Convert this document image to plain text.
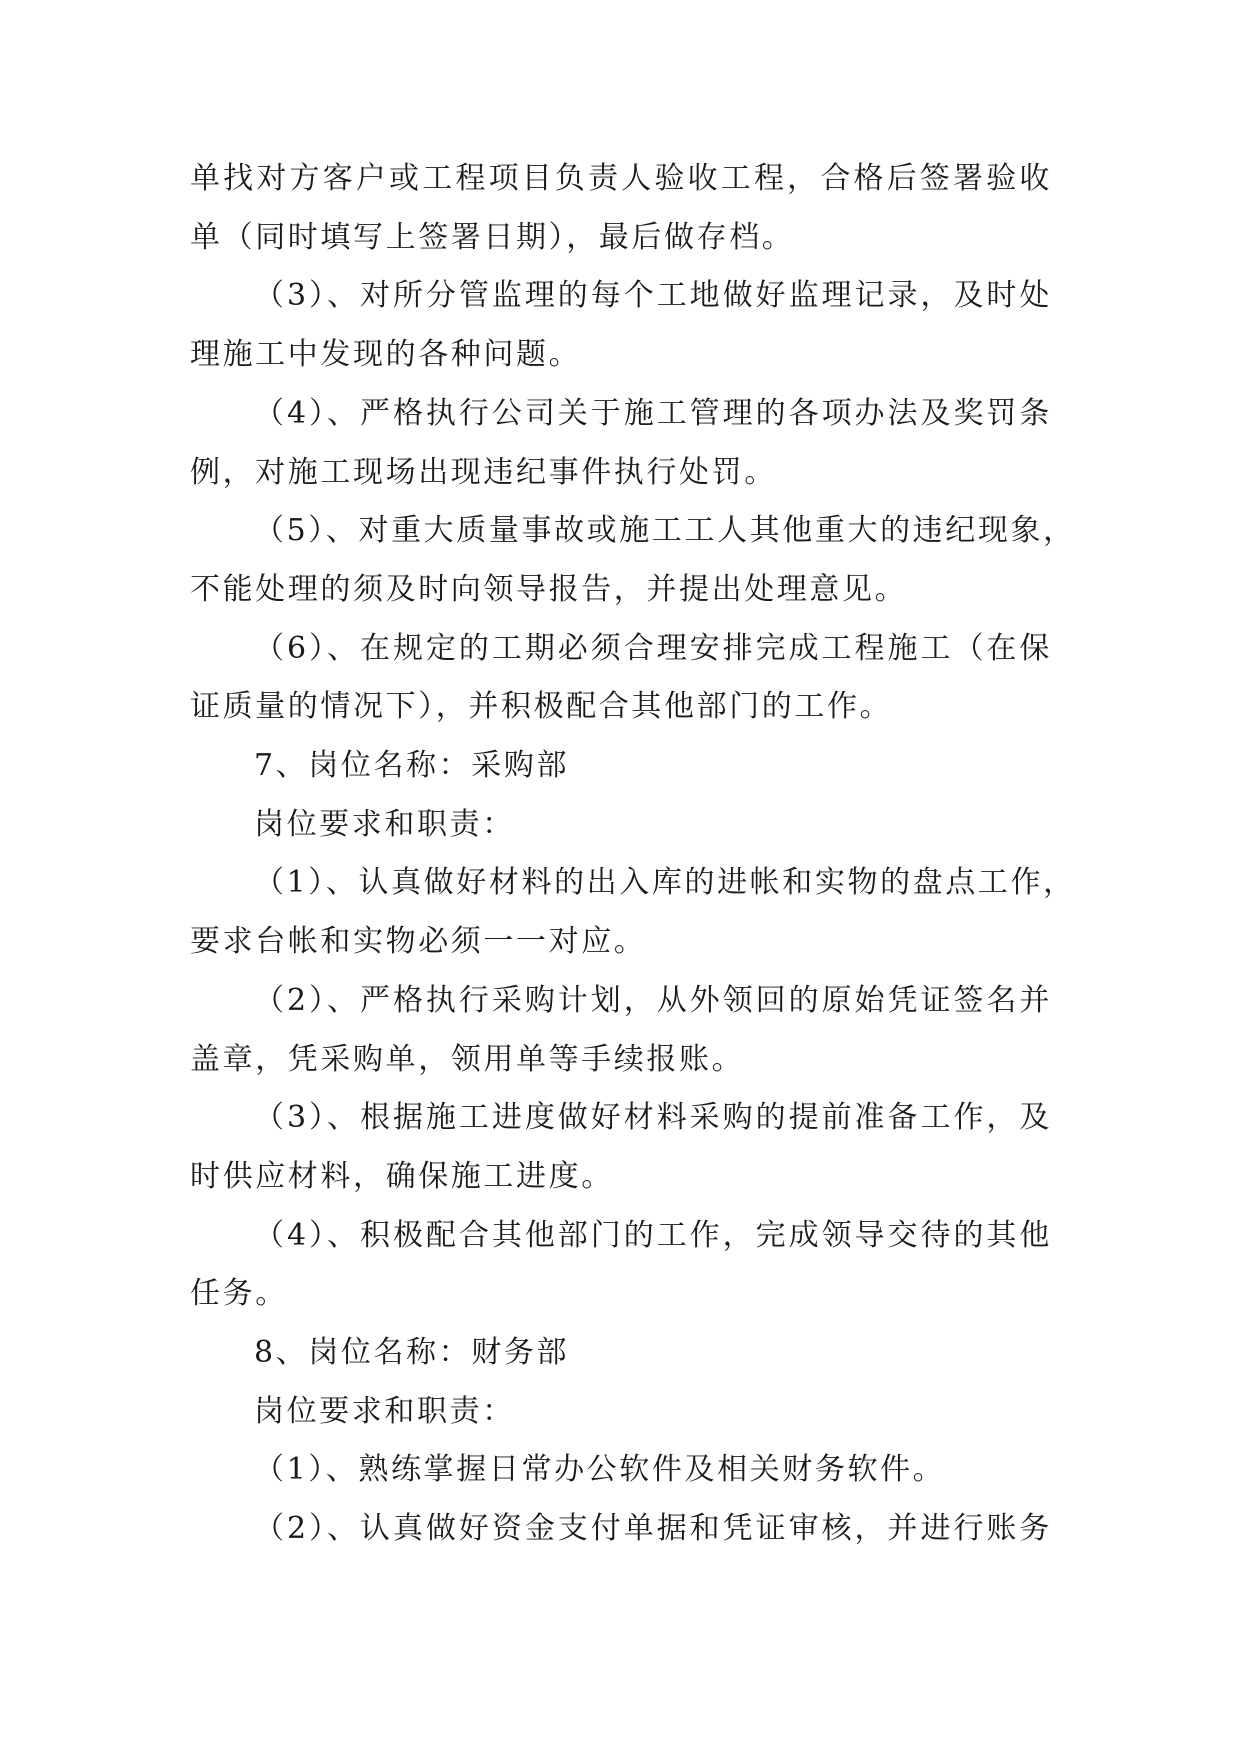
单找对方客户或工程项目负责人验收工程，合格后签署验收
单（同时填写上签署日期），最后做存档。

（3）、对所分管监理的每个工地做好监理记录，及时处
理施工中发现的各种问题。

（4）、严格执行公司关于施工管理的各项办法及奖罚条
例，对施工现场出现违纪事件执行处罚。

（5）、对重大质量事故或施工工人其他重大的违纪现象，
不能处理的须及时向领导报告，并提出处理意见。

（6）、在规定的工期必须合理安排完成工程施工（在保
证质量的情况下），并积极配合其他部门的工作。

7、岗位名称：采购部

岗位要求和职责：

（1）、认真做好材料的出入库的进帐和实物的盘点工作，
要求台帐和实物必须一一对应。

（2）、严格执行采购计划，从外领回的原始凭证签名并
盖章，凭采购单，领用单等手续报账。

（3）、根据施工进度做好材料采购的提前准备工作，及
时供应材料，确保施工进度。

（4）、积极配合其他部门的工作，完成领导交待的其他
任务。

8、岗位名称：财务部

岗位要求和职责：

（1）、熟练掌握日常办公软件及相关财务软件。

（2）、认真做好资金支付单据和凭证审核，并进行账务
